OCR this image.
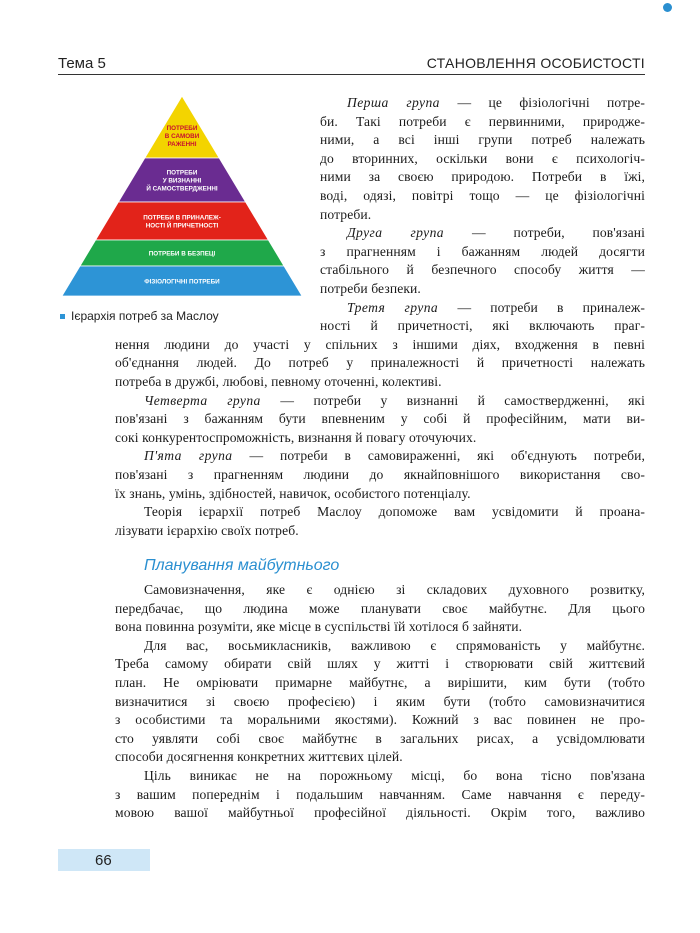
Тема 5	СТАНОВЛЕННЯ ОСОБИСТОСТІ
ПОТРЕБИ
В САМОВИ
РАЖЕННІ
ПОТРЕБИ
У ВИЗНАННІ
Й САМОСТВЕРДЖЕННІ
ПОТРЕБИ В ПРИНАЛЕЖ-
НОСТІ Й ПРИЧЕТНОСТІ
ПОТРЕБИ В БЕЗПЕЦІ
ФІЗІОЛОГІЧНІ ПОТРЕБИ
Ієрархія потреб за Маслоу
Перша група — це фізіологічні потре-
би. Такі потреби є первинними, природже-
ними, а всі інші групи потреб належать
до вторинних, оскільки вони є психологіч-
ними за своєю природою. Потреби в їжі,
воді, одязі, повітрі тощо — це фізіологічні
потреби.
Друга група — потреби, пов'язані
з прагненням і бажанням людей досягти
стабільного й безпечного способу життя —
потреби безпеки.
Третя група — потреби в приналеж-
ності й причетності, які включають праг-
нення людини до участі у спільних з іншими діях, входження в певні
об'єднання людей. До потреб у приналежності й причетності належать
потреба в дружбі, любові, певному оточенні, колективі.
Четверта група — потреби у визнанні й самоствердженні, які
пов'язані з бажанням бути впевненим у собі й професійним, мати ви-
сокі конкурентоспроможність, визнання й повагу оточуючих.
П'ята група — потреби в самовираженні, які об'єднують потреби,
пов'язані з прагненням людини до якнайповнішого використання сво-
їх знань, умінь, здібностей, навичок, особистого потенціалу.
Теорія ієрархії потреб Маслоу допоможе вам усвідомити й проана-
лізувати ієрархію своїх потреб.
Самовизначення, яке є однією зі складових духовного розвитку,
передбачає, що людина може планувати своє майбутнє. Для цього
вона повинна розуміти, яке місце в суспільстві їй хотілося б зайняти.
Для вас, восьмикласників, важливою є спрямованість у майбутнє.
Треба самому обирати свій шлях у житті і створювати свій життєвий
план. Не омріювати примарне майбутнє, а вирішити, ким бути (тобто
визначитися зі своєю професією) і яким бути (тобто самовизначитися
з особистими та моральними якостями). Кожний з вас повинен не про-
сто уявляти собі своє майбутнє в загальних рисах, а усвідомлювати
способи досягнення конкретних життєвих цілей.
Ціль виникає не на порожньому місці, бо вона тісно пов'язана
з вашим попереднім і подальшим навчанням. Саме навчання є переду-
мовою вашої майбутньої професійної діяльності. Окрім того, важливо
Планування майбутнього
66
